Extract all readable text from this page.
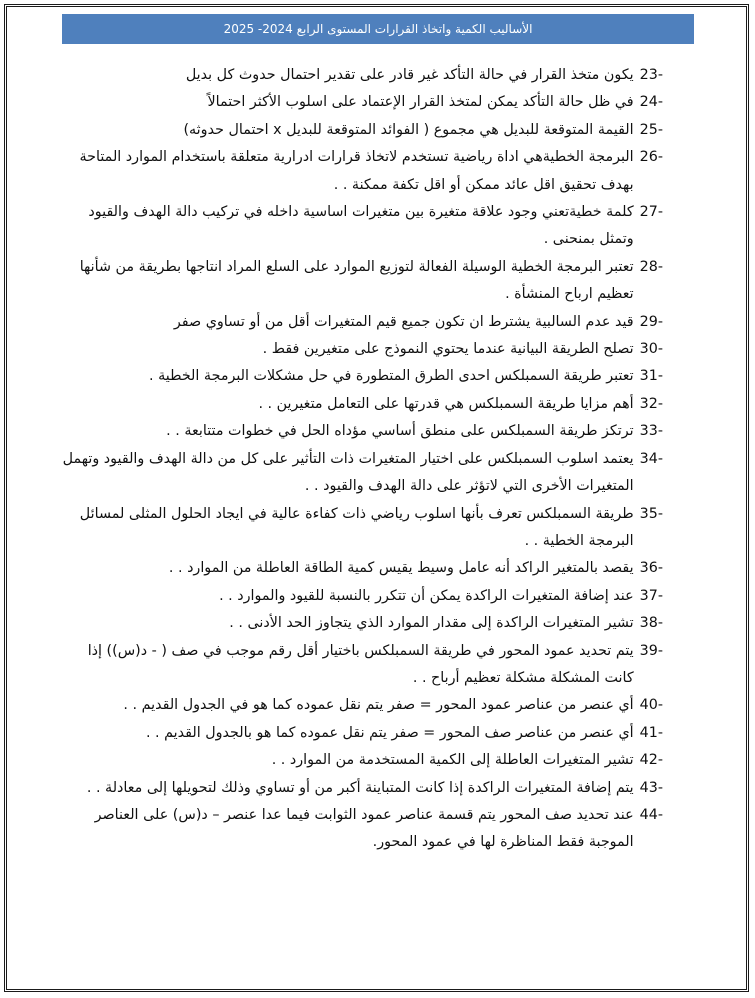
الأساليب الكمية واتخاذ القرارات المستوى الرابع 2024- 2025
23-
يكون متخذ القرار في حالة التأكد غير قادر على تقدير احتمال حدوث كل بديل
24-
في ظل حالة التأكد يمكن لمتخذ القرار الإعتماد على اسلوب الأكثر احتمالاً
25-
القيمة المتوقعة للبديل هي مجموع ( الفوائد المتوقعة للبديل x احتمال حدوثه)
26-
البرمجة الخطيةهي اداة رياضية تستخدم لاتخاذ قرارات ادرارية متعلقة باستخدام الموارد المتاحة بهدف تحقيق اقل عائد ممكن أو اقل تكفة ممكنة . .
27-
كلمة خطيةتعني وجود علاقة متغيرة بين متغيرات اساسية داخله في تركيب دالة الهدف والقيود وتمثل بمنحنى .
28-
تعتبر البرمجة الخطية الوسيلة الفعالة لتوزيع الموارد على السلع المراد انتاجها بطريقة من شأنها تعظيم ارباح المنشأة .
29-
قيد عدم السالبية يشترط ان تكون جميع قيم المتغيرات أقل من أو تساوي صفر
30-
تصلح الطريقة البيانية عندما يحتوي النموذج على متغيرين فقط .
31-
تعتبر طريقة السمبلكس احدى الطرق المتطورة في حل مشكلات البرمجة الخطية .
32-
أهم مزايا طريقة السمبلكس هي قدرتها على التعامل متغيرين . .
33-
ترتكز طريقة السمبلكس على منطق أساسي مؤداه الحل في خطوات متتابعة . .
34-
يعتمد اسلوب السمبلكس على اختيار المتغيرات ذات التأثير على كل من دالة الهدف والقيود وتهمل المتغيرات الأخرى التي لاتؤثر على دالة الهدف والقيود . .
35-
طريقة السمبلكس تعرف بأنها اسلوب رياضي ذات كفاءة عالية في ايجاد الحلول المثلى لمسائل البرمجة الخطية . .
36-
يقصد بالمتغير الراكد أنه عامل وسيط يقيس كمية الطاقة العاطلة من الموارد . .
37-
عند إضافة المتغيرات الراكدة يمكن أن تتكرر بالنسبة للقيود والموارد . .
38-
تشير المتغيرات الراكدة إلى مقدار الموارد الذي يتجاوز الحد الأدنى . .
39-
يتم تحديد عمود المحور في طريقة السمبلكس باختيار أقل رقم موجب في صف ( - د(س)) إذا كانت المشكلة مشكلة تعظيم أرباح . .
40-
أي عنصر من عناصر عمود المحور = صفر يتم نقل عموده كما هو في الجدول القديم . .
41-
أي عنصر من عناصر صف المحور = صفر يتم نقل عموده كما هو بالجدول القديم . .
42-
تشير المتغيرات العاطلة إلى الكمية المستخدمة من الموارد . .
43-
يتم إضافة المتغيرات الراكدة إذا كانت المتباينة أكبر من أو تساوي وذلك لتحويلها إلى معادلة . .
44-
عند تحديد صف المحور يتم قسمة عناصر عمود الثوابت فيما عدا عنصر – د(س) على العناصر الموجبة فقط المناظرة لها في عمود المحور.
